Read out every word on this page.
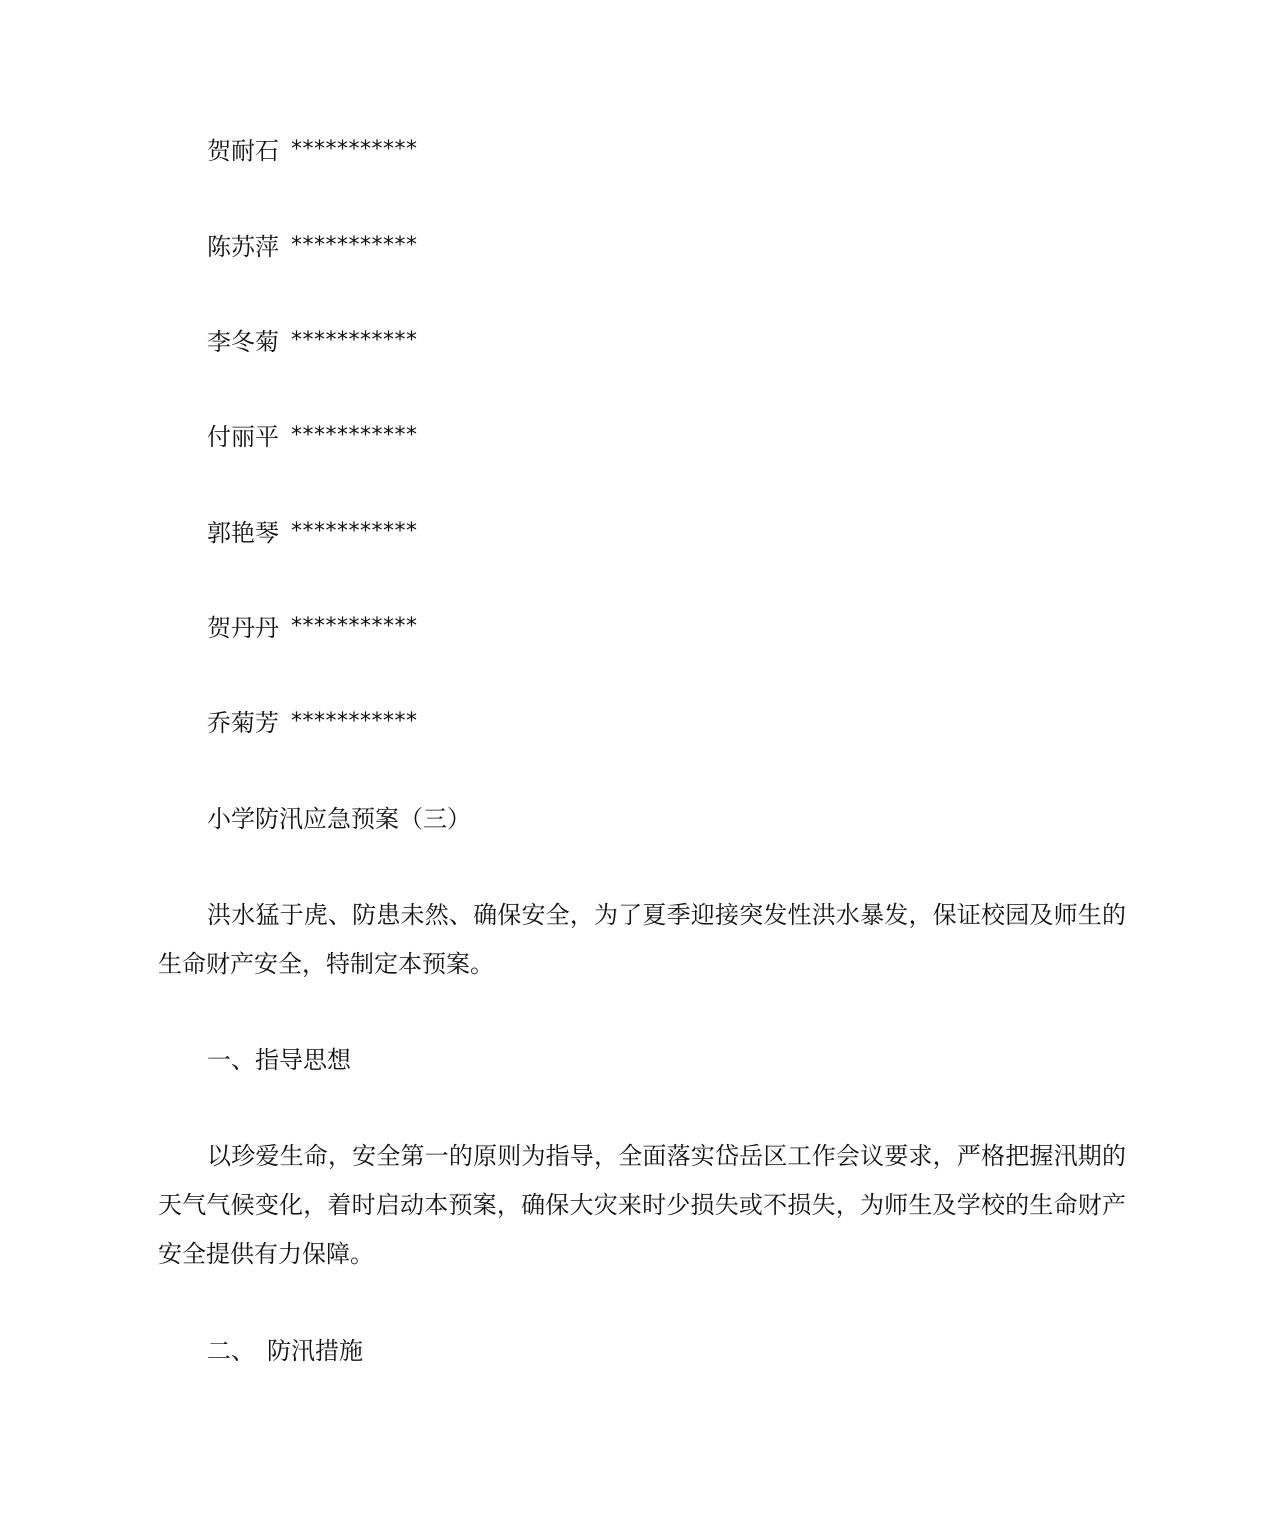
贺耐石 ***********
陈苏萍 ***********
李冬菊 ***********
付丽平 ***********
郭艳琴 ***********
贺丹丹 ***********
乔菊芳 ***********
小学防汛应急预案（三）
洪水猛于虎、防患未然、确保安全，为了夏季迎接突发性洪水暴发，保证校园及师生的生命财产安全，特制定本预案。
一、指导思想
以珍爱生命，安全第一的原则为指导，全面落实岱岳区工作会议要求，严格把握汛期的天气气候变化，着时启动本预案，确保大灾来时少损失或不损失，为师生及学校的生命财产安全提供有力保障。
二、　防汛措施
